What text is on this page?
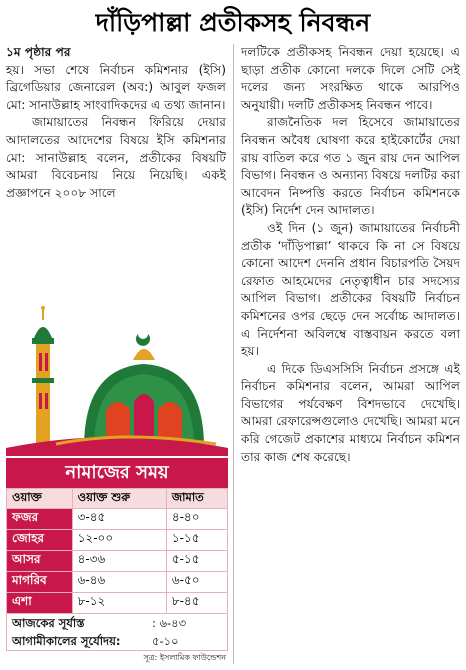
দাঁড়িপাল্লা প্রতীকসহ নিবন্ধন

১ম পৃষ্ঠার পর

হয়। সভা শেষে নির্বাচন কমিশনার (ইসি) ব্রিগেডিয়ার জেনারেল (অব:) আবুল ফজল মো: সানাউল্লাহ সাংবাদিকদের এ তথ্য জানান।

জামায়াতের নিবন্ধন ফিরিয়ে দেয়ার আদালতের আদেশের বিষয়ে ইসি কমিশনার মো: সানাউল্লাহ বলেন, প্রতীকের বিষয়টি আমরা বিবেচনায় নিয়ে নিয়েছি। একই প্রজ্ঞাপনে ২০০৮ সালে

নামাজের সময়
ওয়াক্ত	ওয়াক্ত শুরু	জামাত
ফজর	৩-৪৫	৪-৪০
জোহর	১২-০০	১-১৫
আসর	৪-৩৬	৫-১৫
মাগরিব	৬-৪৬	৬-৫০
এশা	৮-১২	৮-৪৫
আজকের সূর্যাস্ত	: ৬-৪৩
আগামীকালের সূর্যোদয়:	৫-১০
সূত্র: ইসলামিক ফাউন্ডেশন

দলটিকে প্রতীকসহ নিবন্ধন দেয়া হয়েছে। এ ছাড়া প্রতীক কোনো দলকে দিলে সেটি সেই দলের জন্য সংরক্ষিত থাকে আরপিও অনুযায়ী। দলটি প্রতীকসহ নিবন্ধন পাবে।

রাজনৈতিক দল হিসেবে জামায়াতের নিবন্ধন অবৈধ ঘোষণা করে হাইকোর্টের দেয়া রায় বাতিল করে গত ১ জুন রায় দেন আপিল বিভাগ। নিবন্ধন ও অন্যান্য বিষয়ে দলটির করা আবেদন নিষ্পত্তি করতে নির্বাচন কমিশনকে (ইসি) নির্দেশ দেন আদালত।

ওই দিন (১ জুন) জামায়াতের নির্বাচনী প্রতীক ‘দাঁড়িপাল্লা’ থাকবে কি না সে বিষয়ে কোনো আদেশ দেননি প্রধান বিচারপতি সৈয়দ রেফাত আহমেদের নেতৃত্বাধীন চার সদস্যের আপিল বিভাগ। প্রতীকের বিষয়টি নির্বাচন কমিশনের ওপর ছেড়ে দেন সর্বোচ্চ আদালত। এ নির্দেশনা অবিলম্বে বাস্তবায়ন করতে বলা হয়।

এ দিকে ডিএসসিসি নির্বাচন প্রসঙ্গে এই নির্বাচন কমিশনার বলেন, আমরা আপিল বিভাগের পর্যবেক্ষণ বিশদভাবে দেখেছি। আমরা রেফারেন্সগুলোও দেখেছি। আমরা মনে করি গেজেট প্রকাশের মাধ্যমে নির্বাচন কমিশন তার কাজ শেষ করেছে।
